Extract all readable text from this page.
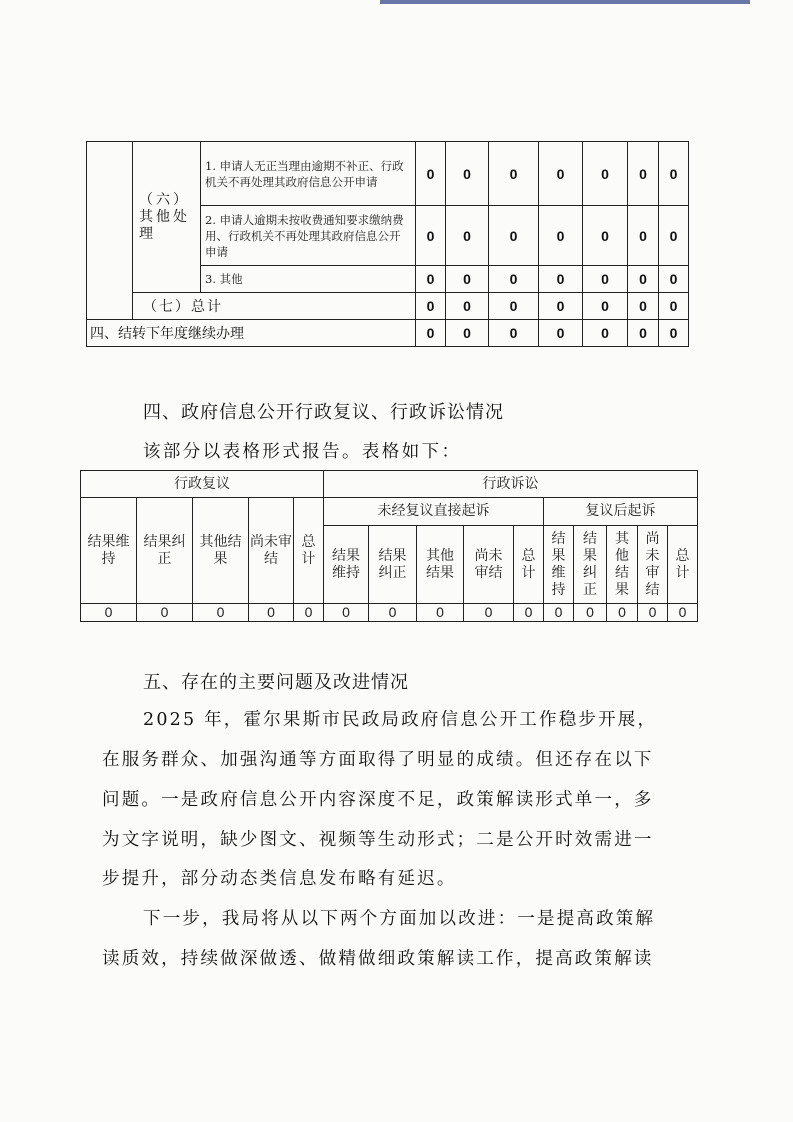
	（六）其他处理	1. 申请人无正当理由逾期不补正、行政机关不再处理其政府信息公开申请	0	0	0	0	0	0	0
		2. 申请人逾期未按收费通知要求缴纳费用、行政机关不再处理其政府信息公开申请	0	0	0	0	0	0	0
		3. 其他	0	0	0	0	0	0	0
	（七）总计		0	0	0	0	0	0	0
四、结转下年度继续办理			0	0	0	0	0	0	0
四、政府信息公开行政复议、行政诉讼情况

该部分以表格形式报告。表格如下：

行政复议					行政诉讼									
结果维持	结果纠正	其他结果	尚未审结	总计	未经复议直接起诉					复议后起诉				
					结果维持	结果纠正	其他结果	尚未审结	总计	结果维持	结果纠正	其他结果	尚未审结	总计
0	0	0	0	0	0	0	0	0	0	0	0	0	0	0
五、存在的主要问题及改进情况
2025 年，霍尔果斯市民政局政府信息公开工作稳步开展，
在服务群众、加强沟通等方面取得了明显的成绩。但还存在以下
问题。一是政府信息公开内容深度不足，政策解读形式单一，多
为文字说明，缺少图文、视频等生动形式；二是公开时效需进一
步提升，部分动态类信息发布略有延迟。
下一步，我局将从以下两个方面加以改进：一是提高政策解
读质效，持续做深做透、做精做细政策解读工作，提高政策解读
